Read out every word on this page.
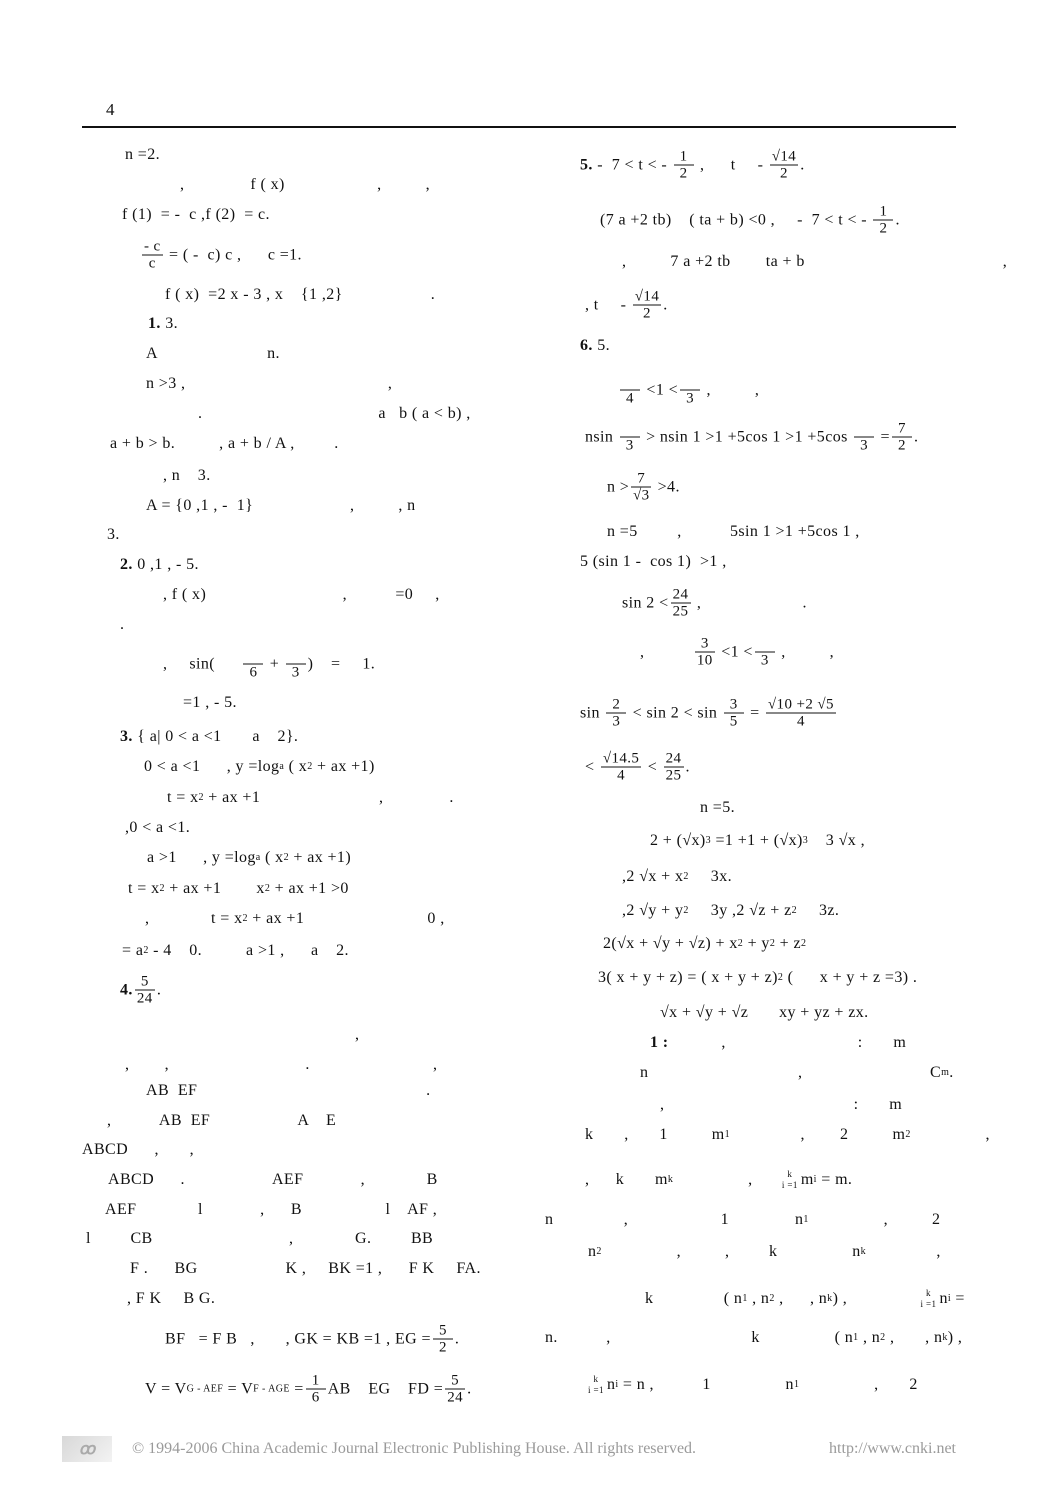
4
n =2.
,               f ( x)                     ,          ,
f (1)  = -  c ,f (2)  = c.
$\frac{- c}{c}$ = ( -  c) c ,      c =1.
f ( x)  =2 x - 3 , x    {1 ,2}                    .
1. 3.
A                         n.
n >3 ,                                              ,
.                                        a   b ( a < b) ,
a + b > b.          , a + b / A ,         .
, n    3.
A = {0 ,1 , -  1}                      ,          , n
3.
2. 0 ,1 , - 5.
, f ( x)                               ,           =0     ,
.
,     sin(
6
+
3
)    =     1.
=1 , - 5.
3. { a| 0 < a <1       a    2}.
0 < a <1      , y =log a ( x 2 + ax +1)
t = x 2 + ax +1                           ,               .
,0 < a <1.
a >1      , y =log a ( x 2 + ax +1)
t = x 2 + ax +1        x 2 + ax +1 >0
,              t = x 2 + ax +1                            0 ,
= a 2 - 4    0.          a >1 ,      a    2.
4. $\frac{5}{24}$ .
,
,        ,                               .                            ,
AB  EF                                                    .
,           AB  EF                    A    E
ABCD      ,       ,
ABCD      .                    AEF             ,              B
AEF              l             ,      B                   l    AF ,
l         CB                               ,              G.         BB
F .      BG                    K ,     BK =1 ,      F K     FA.
, F K     B G.
BF   = F B   ,       , GK = KB =1 , EG = $\frac{5}{2}$ .
V = V G - AEF = V F - AGE = $\frac{1}{6}$ AB    EG    FD = $\frac{5}{24}$ .
5. -  7 < t < - $\frac{1}{2}$ ,      t     - $\frac{√14}{2}$ .
(7 a +2 tb)    ( ta + b) <0 ,     -  7 < t < - $\frac{1}{2}$ .
,          7 a +2 tb        ta + b                                             ,
, t     - $\frac{√14}{2}$ .
6. 5.
4
<1 <
3
,          ,
nsin
3
> nsin 1 >1 +5cos 1 >1 +5cos
3
= $\frac{7}{2}$ .
$n > \frac{7}{√3} >4$.
n =5         ,           5sin 1 >1 +5cos 1 ,
5 (sin 1 -  cos 1)  >1 ,
$\sin 2 < \frac{24}{25}$ ,                       .
, $\frac{3}{10} <1$ <
3
,          ,
$\sin \frac{2}{3} < \sin 2 < \sin \frac{3}{5} = \frac{√10 +2 √5}{4}$
< $\frac{√14.5}{4} < \frac{24}{25}$ .
n =5.
2 + (√x) 3 =1 +1 + (√x) 3 3 √x ,
,2 √x + x 2 3x.
,2 √y + y 2 3y ,2 √z + z 2 3z.
2(√x + √y + √z) + x 2 + y 2 + z 2
3( x + y + z) = ( x + y + z) 2 (      x + y + z =3) .
√x + √y + √z       xy + yz + zx.
1 : ,                              :       m
n                                  ,                             C m .
,                                           :       m
k       ,       1          m 1 ,        2          m 2 ,
,      k       m k , k
i =1 m i = m.
n                ,                     1               n 1 ,          2
n 2 ,          ,         k                 n k ,
k                ( n 1 , n 2 ,      , n k ) , k
i =1 n i =
n.           ,                                k                 ( n 1 , n 2 ,       , n k ) ,
k
i =1 n i = n ,           1                 n 1 ,       2
ꝏ	© 1994-2006 China Academic Journal Electronic Publishing House. All rights reserved.	http://www.cnki.net
